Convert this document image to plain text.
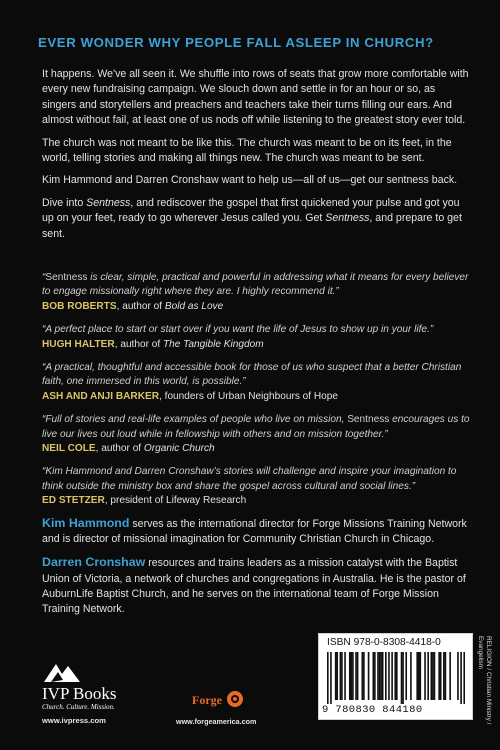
EVER WONDER WHY PEOPLE FALL ASLEEP IN CHURCH?

It happens. We've all seen it. We shuffle into rows of seats that grow more comfortable with every new fundraising campaign. We slouch down and settle in for an hour or so, as singers and storytellers and preachers and teachers take their turns filling our ears. And almost without fail, at least one of us nods off while listening to the greatest story ever told.

The church was not meant to be like this. The church was meant to be on its feet, in the world, telling stories and making all things new. The church was meant to be sent.

Kim Hammond and Darren Cronshaw want to help us—all of us—get our sentness back.

Dive into Sentness, and rediscover the gospel that first quickened your pulse and got you up on your feet, ready to go wherever Jesus called you. Get Sentness, and prepare to get sent.

“Sentness is clear, simple, practical and powerful in addressing what it means for every believer to engage missionally right where they are. I highly recommend it.”
BOB ROBERTS, author of Bold as Love
“A perfect place to start or start over if you want the life of Jesus to show up in your life.”
HUGH HALTER, author of The Tangible Kingdom
“A practical, thoughtful and accessible book for those of us who suspect that a better Christian faith, one immersed in this world, is possible.”
ASH AND ANJI BARKER, founders of Urban Neighbours of Hope
“Full of stories and real-life examples of people who live on mission, Sentness encourages us to live our lives out loud while in fellowship with others and on mission together.”
NEIL COLE, author of Organic Church
“Kim Hammond and Darren Cronshaw’s stories will challenge and inspire your imagination to think outside the ministry box and share the gospel across cultural and social lines.”
ED STETZER, president of Lifeway Research

Kim Hammond serves as the international director for Forge Missions Training Network and is director of missional imagination for Community Christian Church in Chicago.

Darren Cronshaw resources and trains leaders as a mission catalyst with the Baptist Union of Victoria, a network of churches and congregations in Australia. He is the pastor of AuburnLife Baptist Church, and he serves on the international team of Forge Mission Training Network.

ISBN 978-0-8308-4418-0
9 780830 844180	RELIGION / Christian Ministry /
Evangelism
IVP Books
Church. Culture. Mission.
www.ivpress.com
Forge
www.forgeamerica.com
